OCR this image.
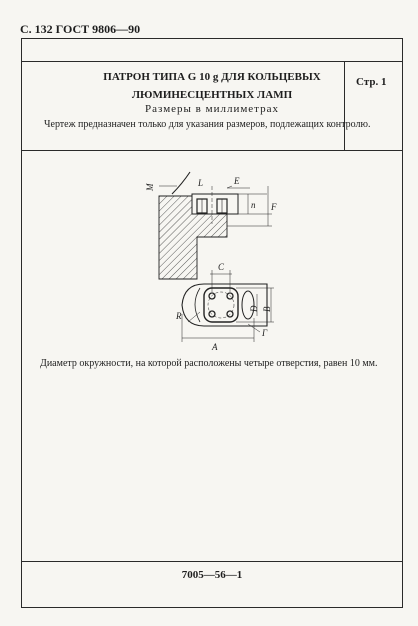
С. 132 ГОСТ 9806—90
ПАТРОН ТИПА G 10 g ДЛЯ КОЛЬЦЕВЫХ
ЛЮМИНЕСЦЕНТНЫХ ЛАМП
Стр. 1
Размеры в миллиметрах
Чертеж предназначен только для указания размеров, подлежащих контролю.
M	L	E
n F
C
R
D B
A
Г
Диаметр окружности, на которой расположены четыре отверстия, равен 10 мм.
7005—56—1
